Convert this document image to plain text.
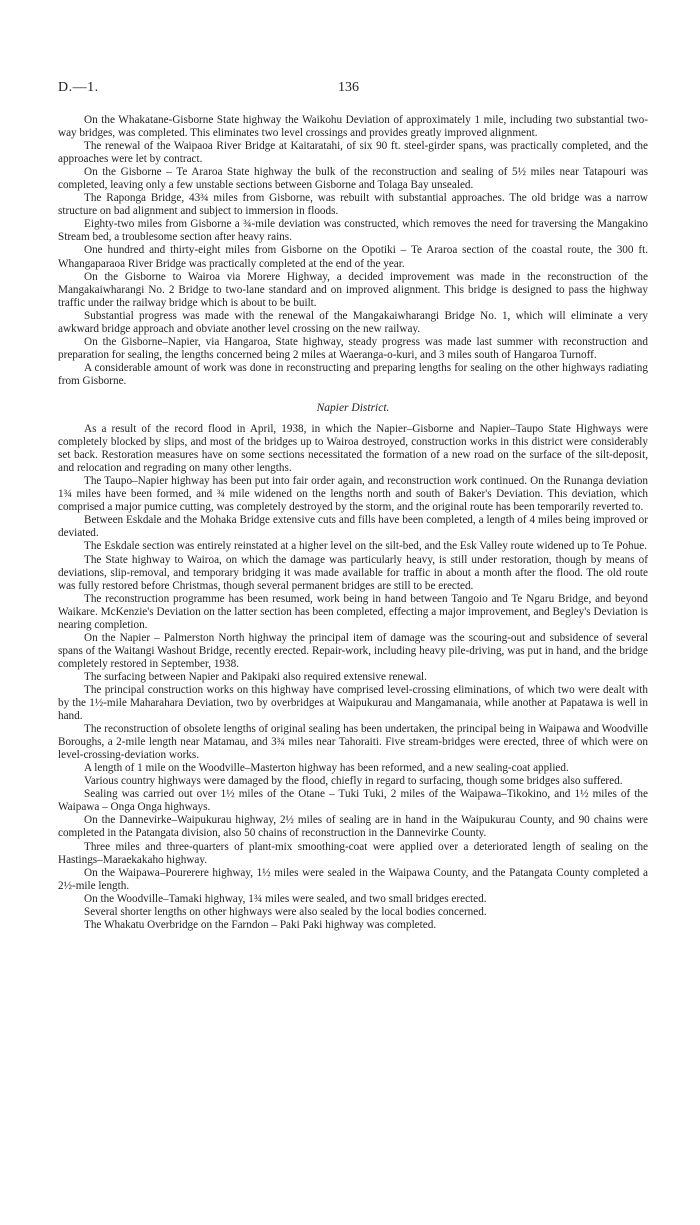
D.—1.	136

On the Whakatane-Gisborne State highway the Waikohu Deviation of approximately 1 mile, including two substantial two-way bridges, was completed. This eliminates two level crossings and provides greatly improved alignment.

The renewal of the Waipaoa River Bridge at Kaitaratahi, of six 90 ft. steel-girder spans, was practically completed, and the approaches were let by contract.

On the Gisborne – Te Araroa State highway the bulk of the reconstruction and sealing of 5½ miles near Tatapouri was completed, leaving only a few unstable sections between Gisborne and Tolaga Bay unsealed.

The Raponga Bridge, 43¾ miles from Gisborne, was rebuilt with substantial approaches. The old bridge was a narrow structure on bad alignment and subject to immersion in floods.

Eighty-two miles from Gisborne a ¾-mile deviation was constructed, which removes the need for traversing the Mangakino Stream bed, a troublesome section after heavy rains.

One hundred and thirty-eight miles from Gisborne on the Opotiki – Te Araroa section of the coastal route, the 300 ft. Whangaparaoa River Bridge was practically completed at the end of the year.

On the Gisborne to Wairoa via Morere Highway, a decided improvement was made in the reconstruction of the Mangakaiwharangi No. 2 Bridge to two-lane standard and on improved alignment. This bridge is designed to pass the highway traffic under the railway bridge which is about to be built.

Substantial progress was made with the renewal of the Mangakaiwharangi Bridge No. 1, which will eliminate a very awkward bridge approach and obviate another level crossing on the new railway.

On the Gisborne–Napier, via Hangaroa, State highway, steady progress was made last summer with reconstruction and preparation for sealing, the lengths concerned being 2 miles at Waeranga-o-kuri, and 3 miles south of Hangaroa Turnoff.

A considerable amount of work was done in reconstructing and preparing lengths for sealing on the other highways radiating from Gisborne.

Napier District.

As a result of the record flood in April, 1938, in which the Napier–Gisborne and Napier–Taupo State Highways were completely blocked by slips, and most of the bridges up to Wairoa destroyed, construction works in this district were considerably set back. Restoration measures have on some sections necessitated the formation of a new road on the surface of the silt-deposit, and relocation and regrading on many other lengths.

The Taupo–Napier highway has been put into fair order again, and reconstruction work continued. On the Runanga deviation 1¾ miles have been formed, and ¾ mile widened on the lengths north and south of Baker's Deviation. This deviation, which comprised a major pumice cutting, was completely destroyed by the storm, and the original route has been temporarily reverted to.

Between Eskdale and the Mohaka Bridge extensive cuts and fills have been completed, a length of 4 miles being improved or deviated.

The Eskdale section was entirely reinstated at a higher level on the silt-bed, and the Esk Valley route widened up to Te Pohue.

The State highway to Wairoa, on which the damage was particularly heavy, is still under restoration, though by means of deviations, slip-removal, and temporary bridging it was made available for traffic in about a month after the flood. The old route was fully restored before Christmas, though several permanent bridges are still to be erected.

The reconstruction programme has been resumed, work being in hand between Tangoio and Te Ngaru Bridge, and beyond Waikare. McKenzie's Deviation on the latter section has been completed, effecting a major improvement, and Begley's Deviation is nearing completion.

On the Napier – Palmerston North highway the principal item of damage was the scouring-out and subsidence of several spans of the Waitangi Washout Bridge, recently erected. Repair-work, including heavy pile-driving, was put in hand, and the bridge completely restored in September, 1938.

The surfacing between Napier and Pakipaki also required extensive renewal.

The principal construction works on this highway have comprised level-crossing eliminations, of which two were dealt with by the 1½-mile Maharahara Deviation, two by overbridges at Waipukurau and Mangamanaia, while another at Papatawa is well in hand.

The reconstruction of obsolete lengths of original sealing has been undertaken, the principal being in Waipawa and Woodville Boroughs, a 2-mile length near Matamau, and 3¾ miles near Tahoraiti. Five stream-bridges were erected, three of which were on level-crossing-deviation works.

A length of 1 mile on the Woodville–Masterton highway has been reformed, and a new sealing-coat applied.

Various country highways were damaged by the flood, chiefly in regard to surfacing, though some bridges also suffered.

Sealing was carried out over 1½ miles of the Otane – Tuki Tuki, 2 miles of the Waipawa–Tikokino, and 1½ miles of the Waipawa – Onga Onga highways.

On the Dannevirke–Waipukurau highway, 2½ miles of sealing are in hand in the Waipukurau County, and 90 chains were completed in the Patangata division, also 50 chains of reconstruction in the Dannevirke County.

Three miles and three-quarters of plant-mix smoothing-coat were applied over a deteriorated length of sealing on the Hastings–Maraekakaho highway.

On the Waipawa–Pourerere highway, 1½ miles were sealed in the Waipawa County, and the Patangata County completed a 2½-mile length.

On the Woodville–Tamaki highway, 1¾ miles were sealed, and two small bridges erected.

Several shorter lengths on other highways were also sealed by the local bodies concerned.

The Whakatu Overbridge on the Farndon – Paki Paki highway was completed.
